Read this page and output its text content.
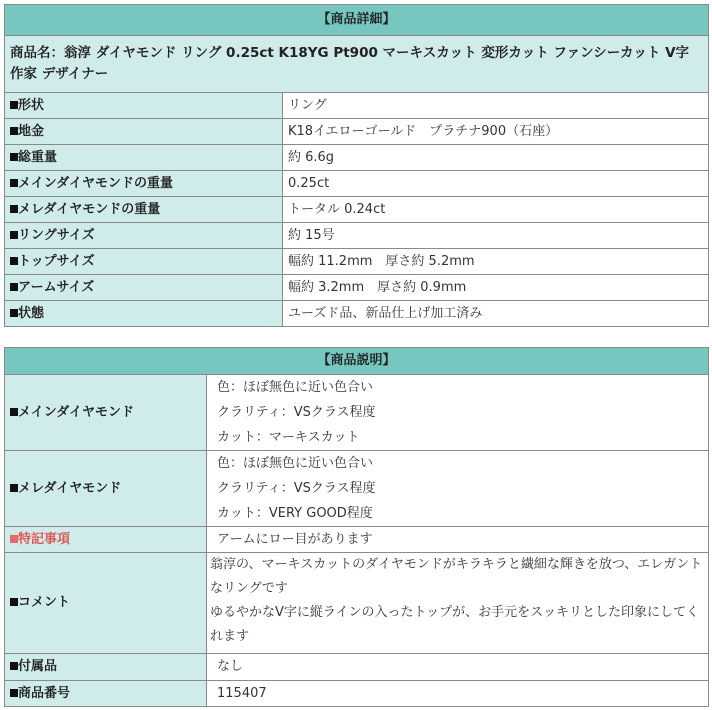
【商品詳細】	
商品名：翁淳 ダイヤモンド リング 0.25ct K18YG Pt900 マーキスカット 変形カット ファンシーカット V字 作家 デザイナー	
形状	リング
地金	K18イエローゴールド　プラチナ900（石座）
総重量	約 6.6g
メインダイヤモンドの重量	0.25ct
メレダイヤモンドの重量	トータル 0.24ct
リングサイズ	約 15号
トップサイズ	幅約 11.2mm　厚さ約 5.2mm
アームサイズ	幅約 3.2mm　厚さ約 0.9mm
状態	ユーズド品、新品仕上げ加工済み
【商品説明】	
メインダイヤモンド	色：ほぼ無色に近い色合い
クラリティ：VSクラス程度
カット：マーキスカット

メレダイヤモンド	色：ほぼ無色に近い色合い
クラリティ：VSクラス程度
カット：VERY GOOD程度

特記事項	アームにロー目があります
コメント	翁淳の、マーキスカットのダイヤモンドがキラキラと繊細な輝きを放つ、エレガントなリングです
ゆるやかなV字に縦ラインの入ったトップが、お手元をスッキリとした印象にしてくれます

付属品	なし
商品番号	115407
